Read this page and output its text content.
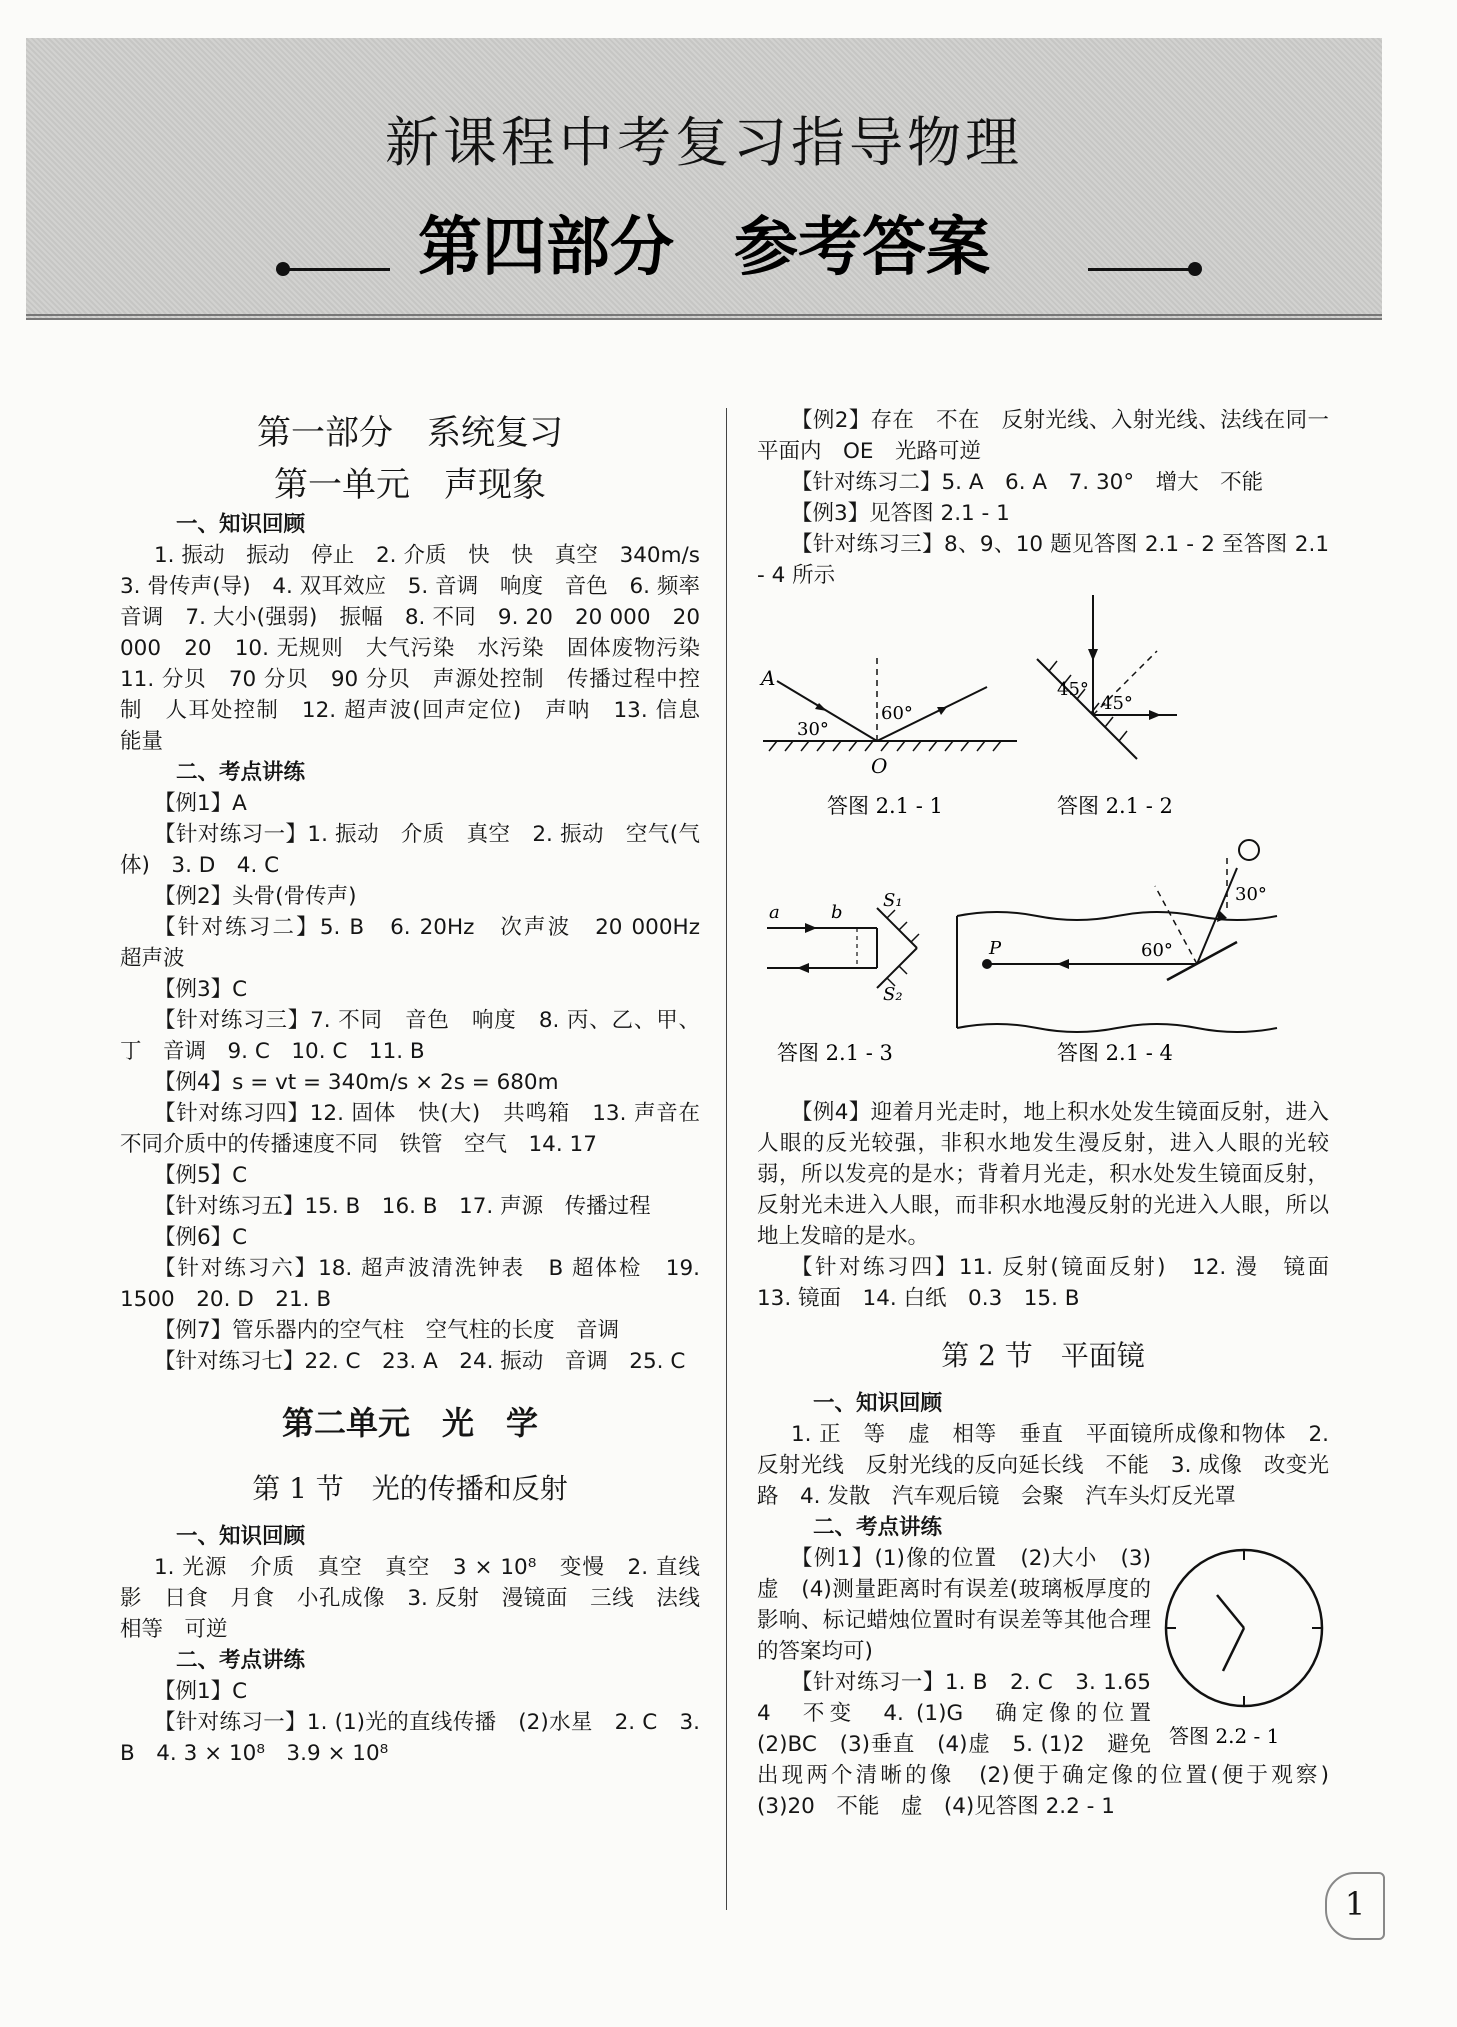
新课程中考复习指导物理
第四部分 参考答案
第一部分　系统复习
第一单元　声现象
一、知识回顾

1. 振动　振动　停止　2. 介质　快　快　真空　340m/s　3. 骨传声(导)　4. 双耳效应　5. 音调　响度　音色　6. 频率　音调　7. 大小(强弱)　振幅　8. 不同　9. 20　20 000　20 000　20　10. 无规则　大气污染　水污染　固体废物污染　11. 分贝　70 分贝　90 分贝　声源处控制　传播过程中控制　人耳处控制　12. 超声波(回声定位)　声呐　13. 信息　能量

二、考点讲练

【例1】A

【针对练习一】1. 振动　介质　真空　2. 振动　空气(气体)　3. D　4. C

【例2】头骨(骨传声)

【针对练习二】5. B　6. 20Hz　次声波　20 000Hz　超声波

【例3】C

【针对练习三】7. 不同　音色　响度　8. 丙、乙、甲、丁　音调　9. C　10. C　11. B

【例4】s = vt = 340m/s × 2s = 680m

【针对练习四】12. 固体　快(大)　共鸣箱　13. 声音在不同介质中的传播速度不同　铁管　空气　14. 17

【例5】C

【针对练习五】15. B　16. B　17. 声源　传播过程

【例6】C

【针对练习六】18. 超声波清洗钟表　B 超体检　19. 1500　20. D　21. B

【例7】管乐器内的空气柱　空气柱的长度　音调

【针对练习七】22. C　23. A　24. 振动　音调　25. C

第二单元　光　学
第 1 节　光的传播和反射
一、知识回顾

1. 光源　介质　真空　真空　3 × 10⁸　变慢　2. 直线　影　日食　月食　小孔成像　3. 反射　漫镜面　三线　法线　相等　可逆

二、考点讲练

【例1】C

【针对练习一】1. (1)光的直线传播　(2)水星　2. C　3. B　4. 3 × 10⁸　3.9 × 10⁸

【例2】存在　不在　反射光线、入射光线、法线在同一平面内　OE　光路可逆

【针对练习二】5. A　6. A　7. 30°　增大　不能

【例3】见答图 2.1 - 1

【针对练习三】8、9、10 题见答图 2.1 - 2 至答图 2.1 - 4 所示

A
O
30°
60°
答图 2.1 - 1
45°
45°
答图 2.1 - 2

a	b
S₁
S₂
答图 2.1 - 3
P
30°
60°
答图 2.1 - 4

【例4】迎着月光走时，地上积水处发生镜面反射，进入人眼的反光较强，非积水地发生漫反射，进入人眼的光较弱，所以发亮的是水；背着月光走，积水处发生镜面反射，反射光未进入人眼，而非积水地漫反射的光进入人眼，所以地上发暗的是水。

【针对练习四】11. 反射(镜面反射)　12. 漫　镜面　13. 镜面　14. 白纸　0.3　15. B

第 2 节　平面镜
一、知识回顾

1. 正　等　虚　相等　垂直　平面镜所成像和物体　2. 反射光线　反射光线的反向延长线　不能　3. 成像　改变光路　4. 发散　汽车观后镜　会聚　汽车头灯反光罩

二、考点讲练
答图 2.2 - 1

【例1】(1)像的位置　(2)大小　(3) 虚　(4)测量距离时有误差(玻璃板厚度的影响、标记蜡烛位置时有误差等其他合理的答案均可)

【针对练习一】1. B　2. C　3. 1.65　4　不变　4. (1)G　确定像的位置　(2)BC　(3)垂直　(4)虚　5. (1)2　避免出现两个清晰的像　(2)便于确定像的位置(便于观察)　(3)20　不能　虚　(4)见答图 2.2 - 1

1
